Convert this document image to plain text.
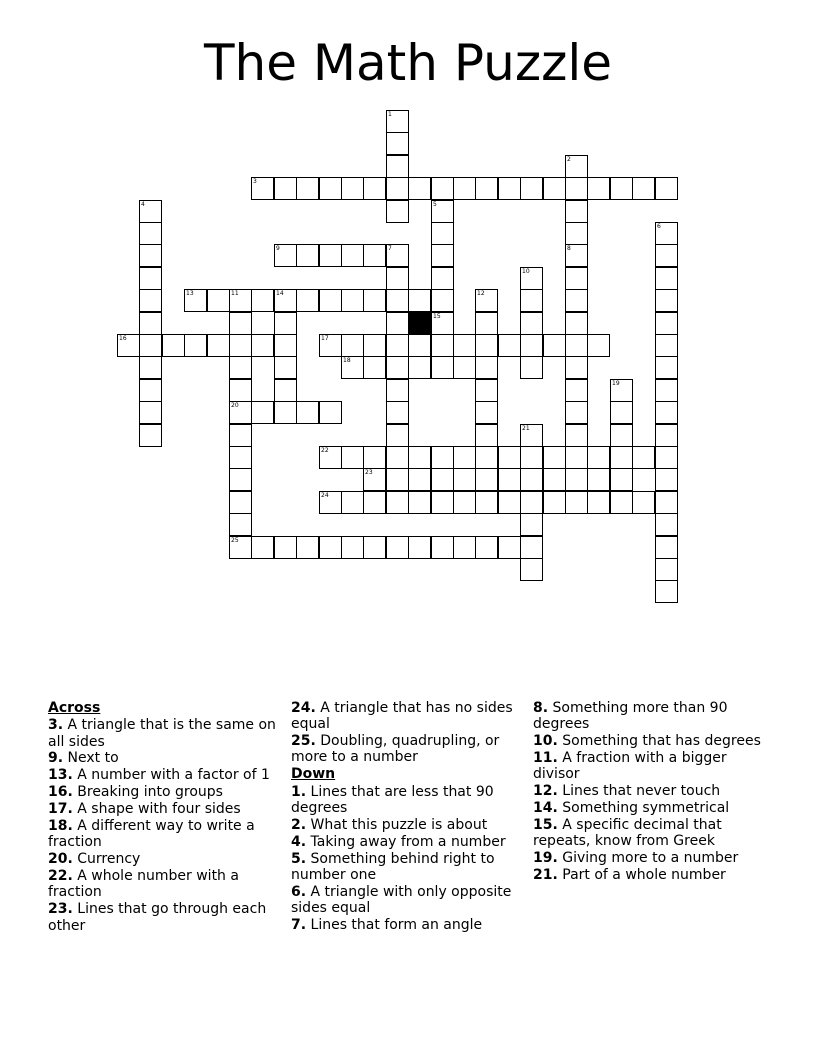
The Math Puzzle
3
9	7
13	11	14
16	17
18
20
22
23
24
25
1
2
4	5
15
6
8
10
12
19
21
Across
3. A triangle that is the same on all sides
9. Next to
13. A number with a factor of 1
16. Breaking into groups
17. A shape with four sides
18. A different way to write a fraction
20. Currency
22. A whole number with a fraction
23. Lines that go through each other
24. A triangle that has no sides equal
25. Doubling, quadrupling, or more to a number
Down
1. Lines that are less that 90 degrees
2. What this puzzle is about
4. Taking away from a number
5. Something behind right to number one
6. A triangle with only opposite sides equal
7. Lines that form an angle
8. Something more than 90 degrees
10. Something that has degrees
11. A fraction with a bigger divisor
12. Lines that never touch
14. Something symmetrical
15. A specific decimal that repeats, know from Greek
19. Giving more to a number
21. Part of a whole number
